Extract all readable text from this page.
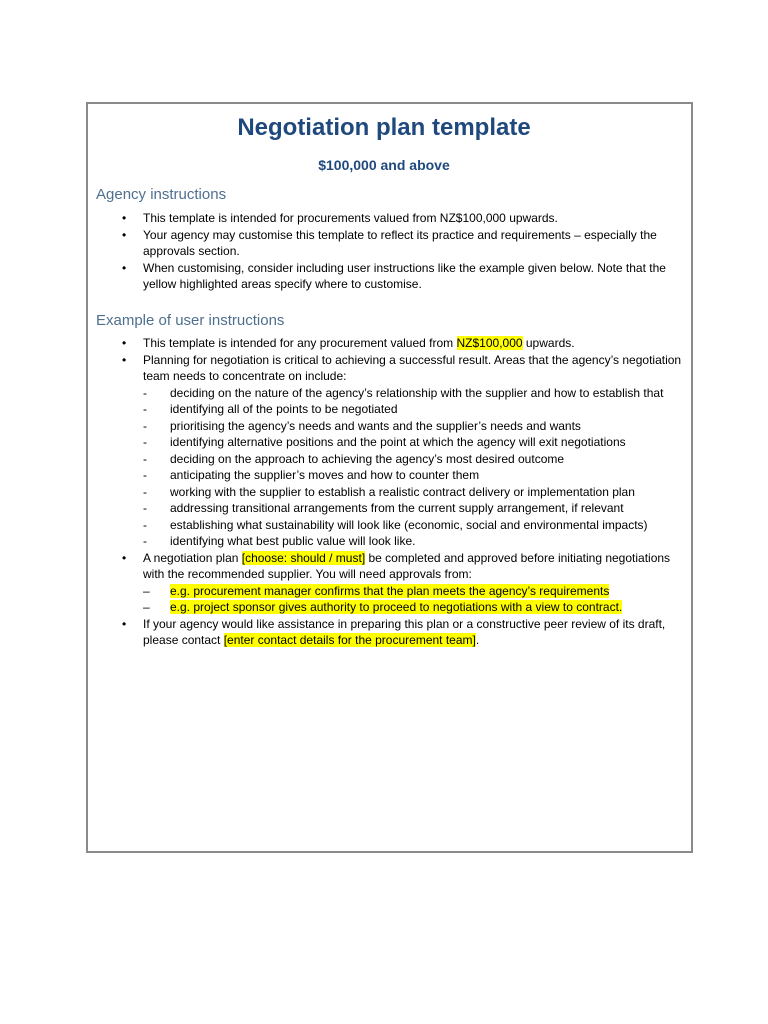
Negotiation plan template
$100,000 and above
Agency instructions
• This template is intended for procurements valued from NZ$100,000 upwards.
• Your agency may customise this template to reflect its practice and requirements – especially the approvals section.
• When customising, consider including user instructions like the example given below. Note that the yellow highlighted areas specify where to customise.
Example of user instructions
• This template is intended for any procurement valued from NZ$100,000 upwards.
• Planning for negotiation is critical to achieving a successful result. Areas that the agency’s negotiation team needs to concentrate on include:
- deciding on the nature of the agency’s relationship with the supplier and how to establish that
- identifying all of the points to be negotiated
- prioritising the agency’s needs and wants and the supplier’s needs and wants
- identifying alternative positions and the point at which the agency will exit negotiations
- deciding on the approach to achieving the agency’s most desired outcome
- anticipating the supplier’s moves and how to counter them
- working with the supplier to establish a realistic contract delivery or implementation plan
- addressing transitional arrangements from the current supply arrangement, if relevant
- establishing what sustainability will look like (economic, social and environmental impacts)
- identifying what best public value will look like.
• A negotiation plan [choose: should / must] be completed and approved before initiating negotiations with the recommended supplier. You will need approvals from:
– e.g. procurement manager confirms that the plan meets the agency’s requirements
– e.g. project sponsor gives authority to proceed to negotiations with a view to contract.
• If your agency would like assistance in preparing this plan or a constructive peer review of its draft, please contact [enter contact details for the procurement team].
